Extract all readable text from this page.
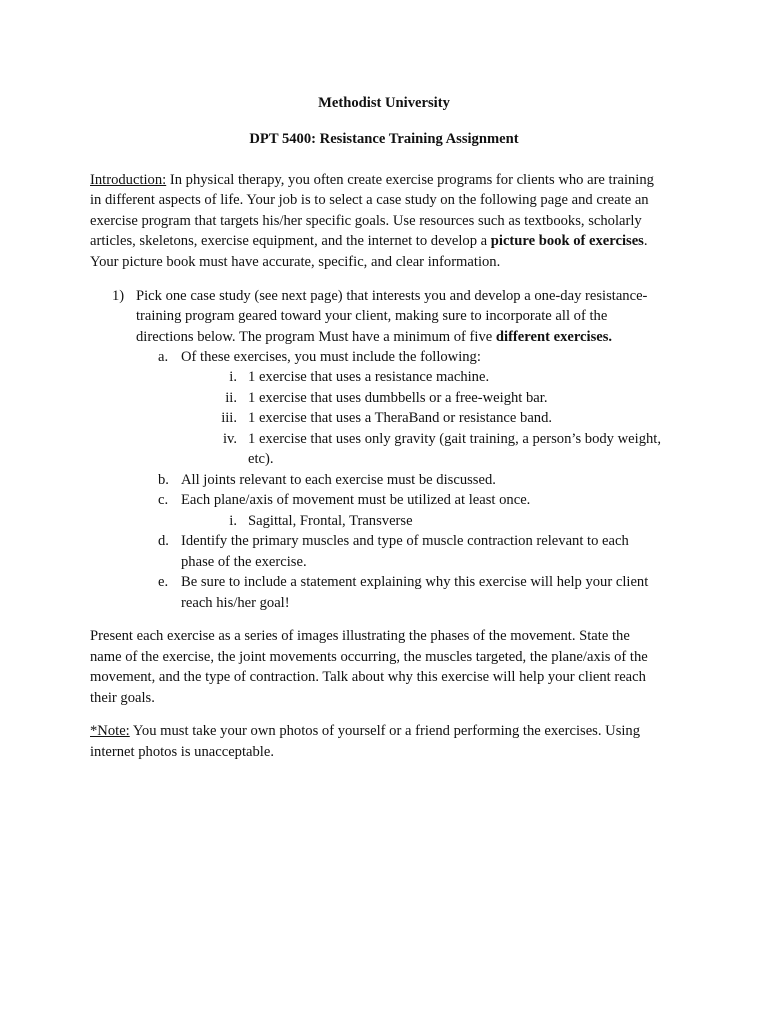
Methodist University
DPT 5400: Resistance Training Assignment
Introduction: In physical therapy, you often create exercise programs for clients who are training
in different aspects of life. Your job is to select a case study on the following page and create an
exercise program that targets his/her specific goals. Use resources such as textbooks, scholarly
articles, skeletons, exercise equipment, and the internet to develop a picture book of exercises.
Your picture book must have accurate, specific, and clear information.
1) Pick one case study (see next page) that interests you and develop a one-day resistance-
training program geared toward your client, making sure to incorporate all of the
directions below. The program Must have a minimum of five different exercises.
a. Of these exercises, you must include the following:
i. 1 exercise that uses a resistance machine.
ii. 1 exercise that uses dumbbells or a free-weight bar.
iii. 1 exercise that uses a TheraBand or resistance band.
iv. 1 exercise that uses only gravity (gait training, a person’s body weight,
etc).
b. All joints relevant to each exercise must be discussed.
c. Each plane/axis of movement must be utilized at least once.
i. Sagittal, Frontal, Transverse
d. Identify the primary muscles and type of muscle contraction relevant to each
phase of the exercise.
e. Be sure to include a statement explaining why this exercise will help your client
reach his/her goal!
Present each exercise as a series of images illustrating the phases of the movement. State the
name of the exercise, the joint movements occurring, the muscles targeted, the plane/axis of the
movement, and the type of contraction. Talk about why this exercise will help your client reach
their goals.
*Note: You must take your own photos of yourself or a friend performing the exercises. Using
internet photos is unacceptable.
